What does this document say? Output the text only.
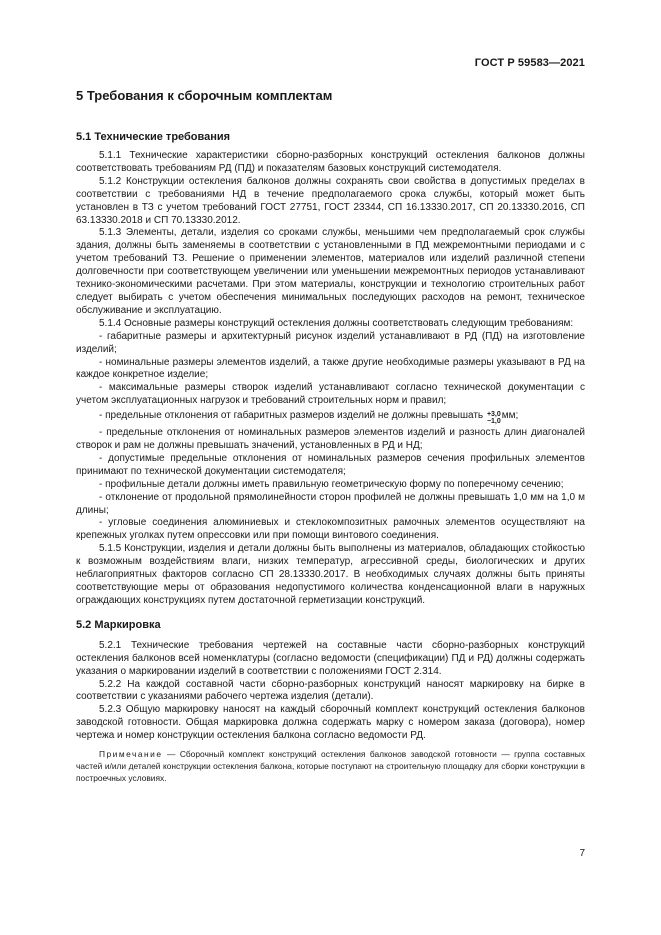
ГОСТ Р 59583—2021
5 Требования к сборочным комплектам
5.1 Технические требования

5.1.1 Технические характеристики сборно-разборных конструкций остекления балконов должны соответствовать требованиям РД (ПД) и показателям базовых конструкций системодателя.

5.1.2 Конструкции остекления балконов должны сохранять свои свойства в допустимых пределах в соответствии с требованиями НД в течение предполагаемого срока службы, который может быть установлен в ТЗ с учетом требований ГОСТ 27751, ГОСТ 23344, СП 16.13330.2017, СП 20.13330.2016, СП 63.13330.2018 и СП 70.13330.2012.

5.1.3 Элементы, детали, изделия со сроками службы, меньшими чем предполагаемый срок службы здания, должны быть заменяемы в соответствии с установленными в ПД межремонтными периодами и с учетом требований ТЗ. Решение о применении элементов, материалов или изделий различной степени долговечности при соответствующем увеличении или уменьшении межремонтных периодов устанавливают технико-экономическими расчетами. При этом материалы, конструкции и технологию строительных работ следует выбирать с учетом обеспечения минимальных последующих расходов на ремонт, техническое обслуживание и эксплуатацию.

5.1.4 Основные размеры конструкций остекления должны соответствовать следующим требованиям:

- габаритные размеры и архитектурный рисунок изделий устанавливают в РД (ПД) на изготовление изделий;

- номинальные размеры элементов изделий, а также другие необходимые размеры указывают в РД на каждое конкретное изделие;

- максимальные размеры створок изделий устанавливают согласно технической документации с учетом эксплуатационных нагрузок и требований строительных норм и правил;

- предельные отклонения от габаритных размеров изделий не должны превышать +3,0
−1,0
мм;

- предельные отклонения от номинальных размеров элементов изделий и разность длин диагоналей створок и рам не должны превышать значений, установленных в РД и НД;

- допустимые предельные отклонения от номинальных размеров сечения профильных элементов принимают по технической документации системодателя;

- профильные детали должны иметь правильную геометрическую форму по поперечному сечению;

- отклонение от продольной прямолинейности сторон профилей не должны превышать 1,0 мм на 1,0 м длины;

- угловые соединения алюминиевых и стеклокомпозитных рамочных элементов осуществляют на крепежных уголках путем опрессовки или при помощи винтового соединения.

5.1.5 Конструкции, изделия и детали должны быть выполнены из материалов, обладающих стойкостью к возможным воздействиям влаги, низких температур, агрессивной среды, биологических и других неблагоприятных факторов согласно СП 28.13330.2017. В необходимых случаях должны быть приняты соответствующие меры от образования недопустимого количества конденсационной влаги в наружных ограждающих конструкциях путем достаточной герметизации конструкций.

5.2 Маркировка

5.2.1 Технические требования чертежей на составные части сборно-разборных конструкций остекления балконов всей номенклатуры (согласно ведомости (спецификации) ПД и РД) должны содержать указания о маркировании изделий в соответствии с положениями ГОСТ 2.314.

5.2.2 На каждой составной части сборно-разборных конструкций наносят маркировку на бирке в соответствии с указаниями рабочего чертежа изделия (детали).

5.2.3 Общую маркировку наносят на каждый сборочный комплект конструкций остекления балконов заводской готовности. Общая маркировка должна содержать марку с номером заказа (договора), номер чертежа и номер конструкции остекления балкона согласно ведомости РД.

Примечание — Сборочный комплект конструкций остекления балконов заводской готовности — группа составных частей и/или деталей конструкции остекления балкона, которые поступают на строительную площадку для сборки конструкции в построечных условиях.

7
